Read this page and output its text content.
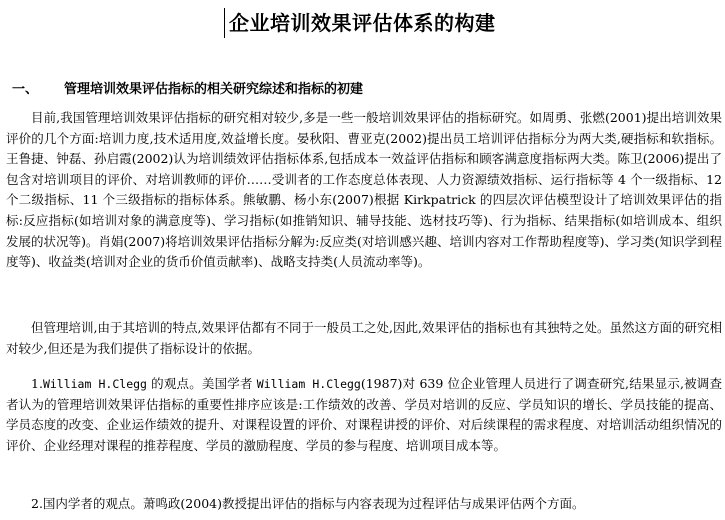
企业培训效果评估体系的构建
一、 管理培训效果评估指标的相关研究综述和指标的初建

目前,我国管理培训效果评估指标的研究相对较少,多是一些一般培训效果评估的指标研究。如周勇、张燃(2001)提出培训效果评价的几个方面:培训力度,技术适用度,效益增长度。晏秋阳、曹亚克(2002)提出员工培训评估指标分为两大类,硬指标和软指标。王鲁捷、钟磊、孙启霞(2002)认为培训绩效评估指标体系,包括成本一效益评估指标和顾客满意度指标两大类。陈卫(2006)提出了包含对培训项目的评价、对培训教师的评价……受训者的工作态度总体表现、人力资源绩效指标、运行指标等 4 个一级指标、12 个二级指标、11 个三级指标的指标体系。熊敏鹏、杨小东(2007)根据 Kirkpatrick 的四层次评估模型设计了培训效果评估的指标:反应指标(如培训对象的满意度等)、学习指标(如推销知识、辅导技能、选材技巧等)、行为指标、结果指标(如培训成本、组织发展的状况等)。肖娟(2007)将培训效果评估指标分解为:反应类(对培训感兴趣、培训内容对工作帮助程度等)、学习类(知识学到程度等)、收益类(培训对企业的货币价值贡献率)、战略支持类(人员流动率等)。

但管理培训,由于其培训的特点,效果评估都有不同于一般员工之处,因此,效果评估的指标也有其独特之处。虽然这方面的研究相对较少,但还是为我们提供了指标设计的依据。

1.William H.Clegg 的观点。美国学者 William H.Clegg(1987)对 639 位企业管理人员进行了调查研究,结果显示,被调查者认为的管理培训效果评估指标的重要性排序应该是:工作绩效的改善、学员对培训的反应、学员知识的增长、学员技能的提高、学员态度的改变、企业运作绩效的提升、对课程设置的评价、对课程讲授的评价、对后续课程的需求程度、对培训活动组织情况的评价、企业经理对课程的推荐程度、学员的激励程度、学员的参与程度、培训项目成本等。

2.国内学者的观点。萧鸣政(2004)教授提出评估的指标与内容表现为过程评估与成果评估两个方面。
